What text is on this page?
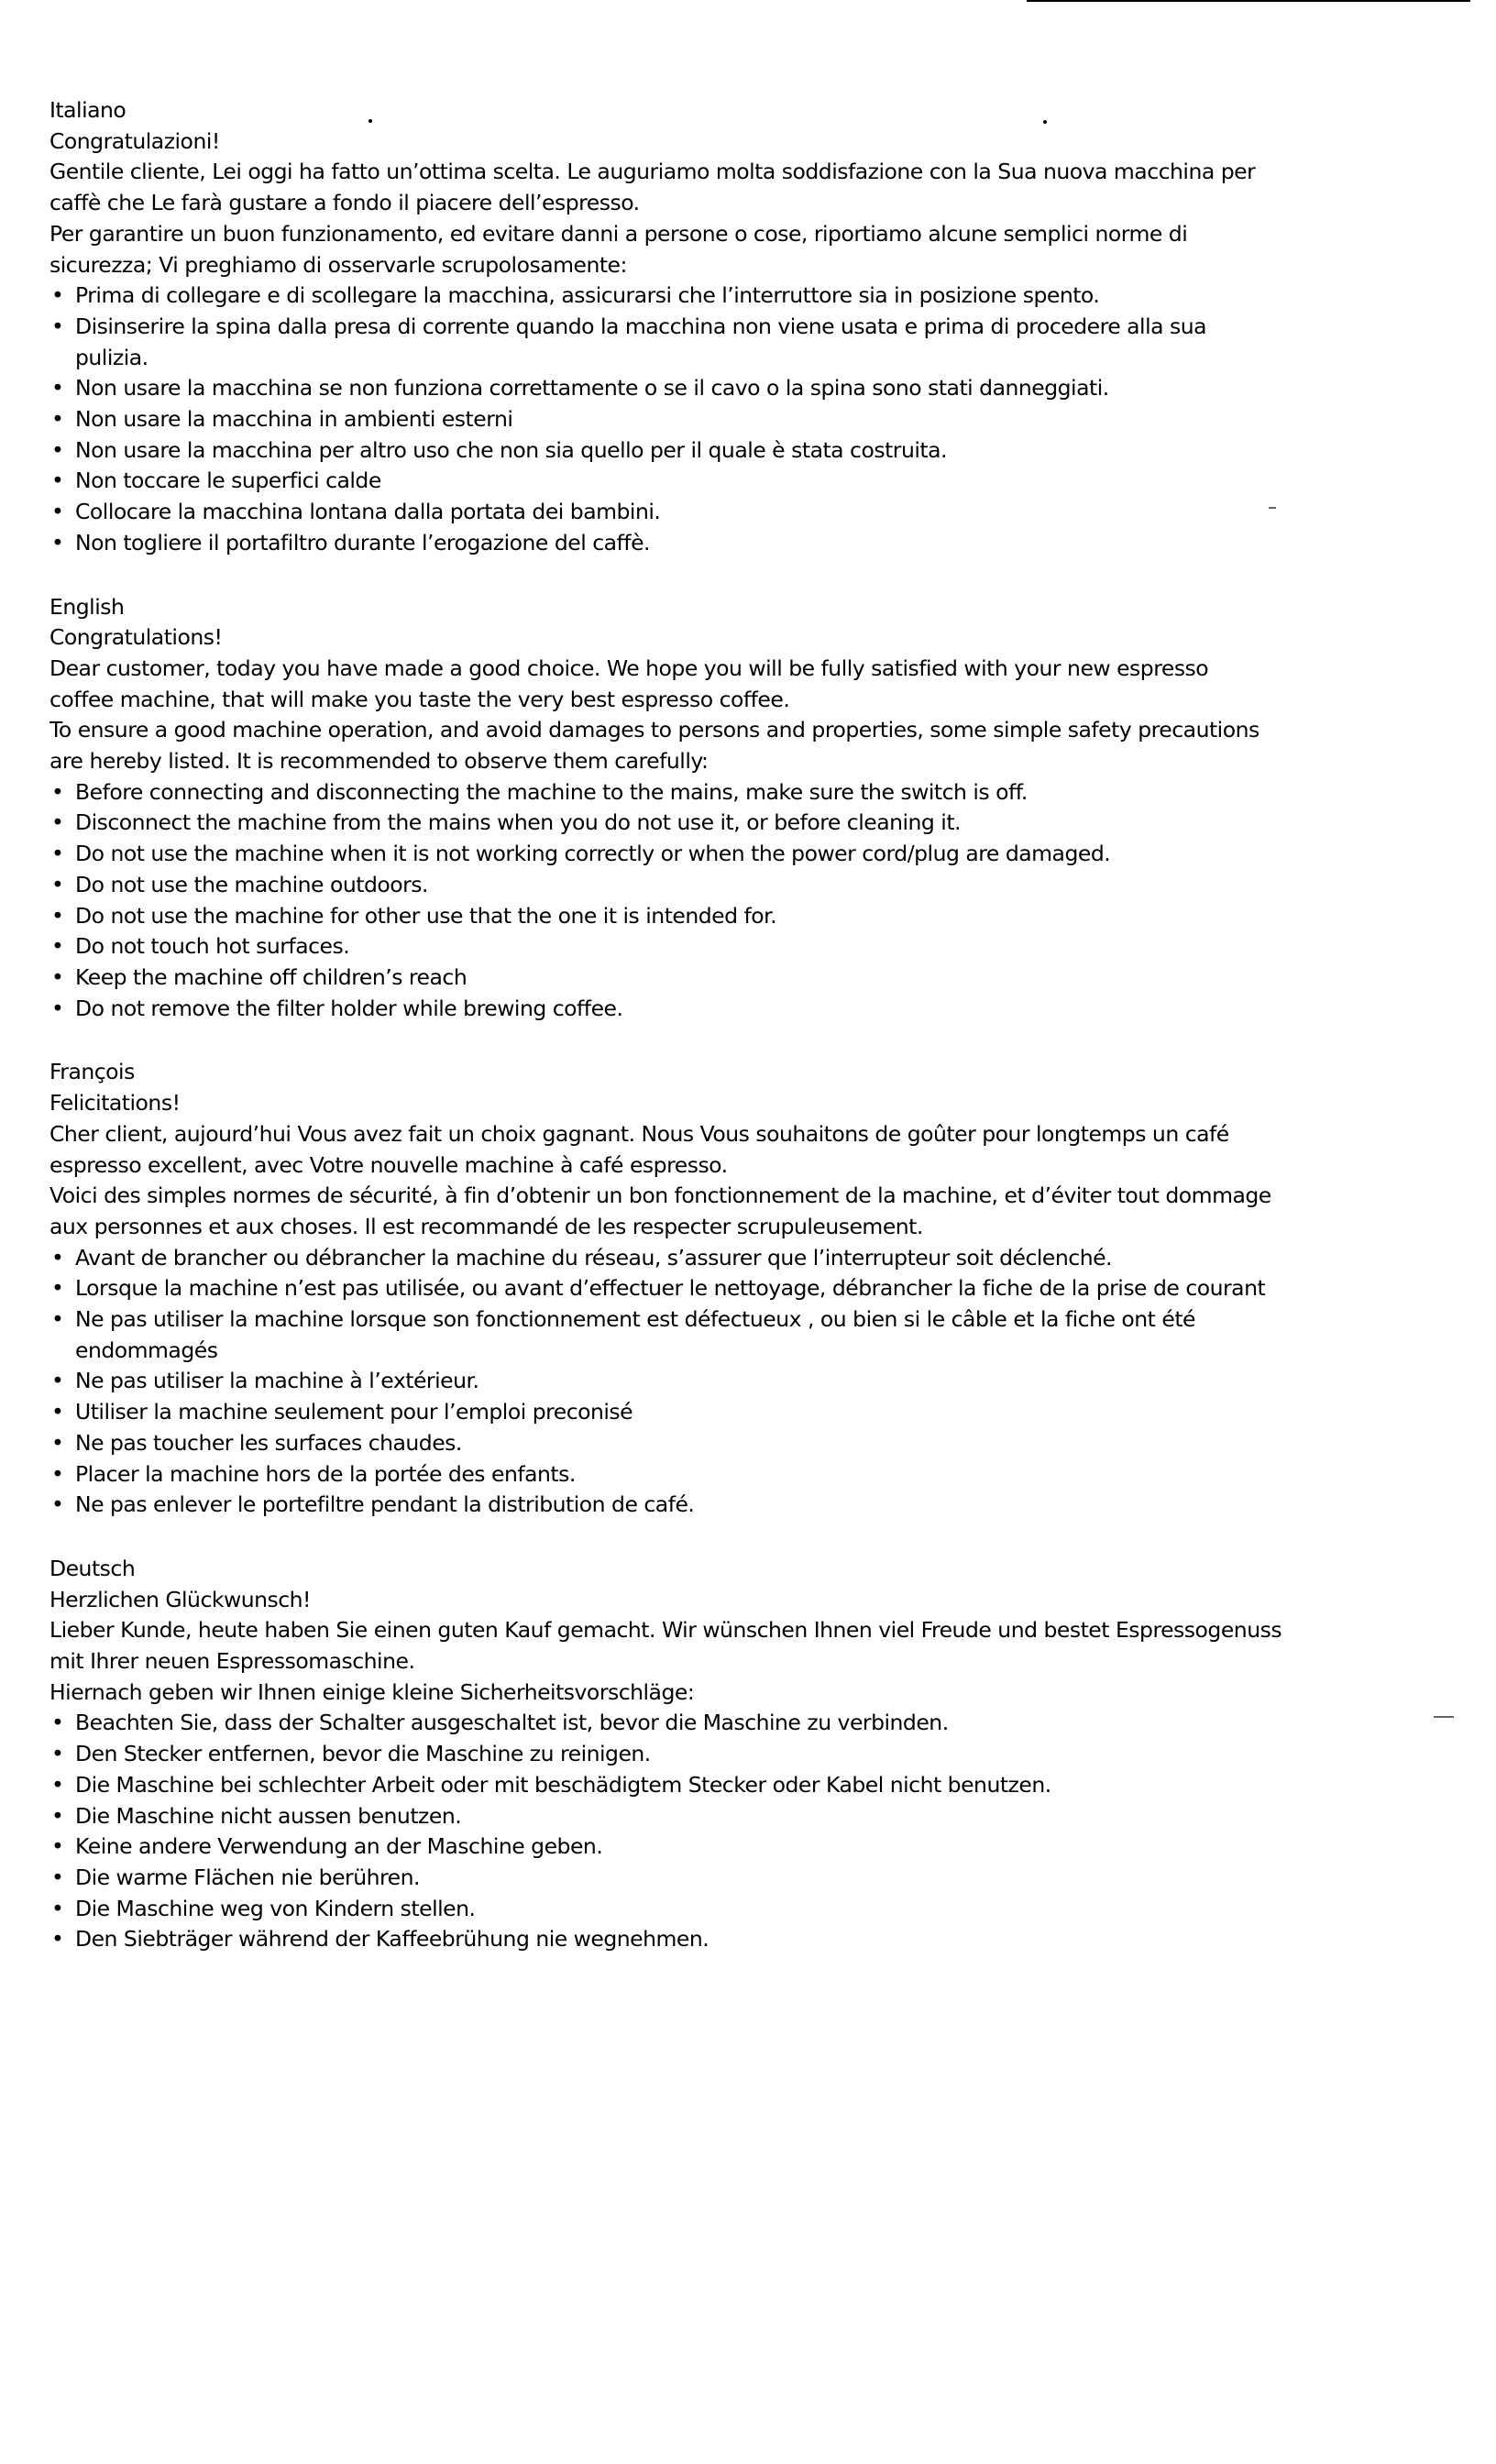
Italiano
Congratulazioni!
Gentile cliente, Lei oggi ha fatto un’ottima scelta. Le auguriamo molta soddisfazione con la Sua nuova macchina per
caffè che Le farà gustare a fondo il piacere dell’espresso.
Per garantire un buon funzionamento, ed evitare danni a persone o cose, riportiamo alcune semplici norme di
sicurezza; Vi preghiamo di osservarle scrupolosamente:
• Prima di collegare e di scollegare la macchina, assicurarsi che l’interruttore sia in posizione spento.
• Disinserire la spina dalla presa di corrente quando la macchina non viene usata e prima di procedere alla sua
pulizia.
• Non usare la macchina se non funziona correttamente o se il cavo o la spina sono stati danneggiati.
• Non usare la macchina in ambienti esterni
• Non usare la macchina per altro uso che non sia quello per il quale è stata costruita.
• Non toccare le superfici calde
• Collocare la macchina lontana dalla portata dei bambini.
• Non togliere il portafiltro durante l’erogazione del caffè.
English
Congratulations!
Dear customer, today you have made a good choice. We hope you will be fully satisfied with your new espresso
coffee machine, that will make you taste the very best espresso coffee.
To ensure a good machine operation, and avoid damages to persons and properties, some simple safety precautions
are hereby listed. It is recommended to observe them carefully:
• Before connecting and disconnecting the machine to the mains, make sure the switch is off.
• Disconnect the machine from the mains when you do not use it, or before cleaning it.
• Do not use the machine when it is not working correctly or when the power cord/plug are damaged.
• Do not use the machine outdoors.
• Do not use the machine for other use that the one it is intended for.
• Do not touch hot surfaces.
• Keep the machine off children’s reach
• Do not remove the filter holder while brewing coffee.
François
Felicitations!
Cher client, aujourd’hui Vous avez fait un choix gagnant. Nous Vous souhaitons de goûter pour longtemps un café
espresso excellent, avec Votre nouvelle machine à café espresso.
Voici des simples normes de sécurité, à fin d’obtenir un bon fonctionnement de la machine, et d’éviter tout dommage
aux personnes et aux choses. Il est recommandé de les respecter scrupuleusement.
• Avant de brancher ou débrancher la machine du réseau, s’assurer que l’interrupteur soit déclenché.
• Lorsque la machine n’est pas utilisée, ou avant d’effectuer le nettoyage, débrancher la fiche de la prise de courant
• Ne pas utiliser la machine lorsque son fonctionnement est défectueux , ou bien si le câble et la fiche ont été
endommagés
• Ne pas utiliser la machine à l’extérieur.
• Utiliser la machine seulement pour l’emploi preconisé
• Ne pas toucher les surfaces chaudes.
• Placer la machine hors de la portée des enfants.
• Ne pas enlever le portefiltre pendant la distribution de café.
Deutsch
Herzlichen Glückwunsch!
Lieber Kunde, heute haben Sie einen guten Kauf gemacht. Wir wünschen Ihnen viel Freude und bestet Espressogenuss
mit Ihrer neuen Espressomaschine.
Hiernach geben wir Ihnen einige kleine Sicherheitsvorschläge:
• Beachten Sie, dass der Schalter ausgeschaltet ist, bevor die Maschine zu verbinden.
• Den Stecker entfernen, bevor die Maschine zu reinigen.
• Die Maschine bei schlechter Arbeit oder mit beschädigtem Stecker oder Kabel nicht benutzen.
• Die Maschine nicht aussen benutzen.
• Keine andere Verwendung an der Maschine geben.
• Die warme Flächen nie berühren.
• Die Maschine weg von Kindern stellen.
• Den Siebträger während der Kaffeebrühung nie wegnehmen.
